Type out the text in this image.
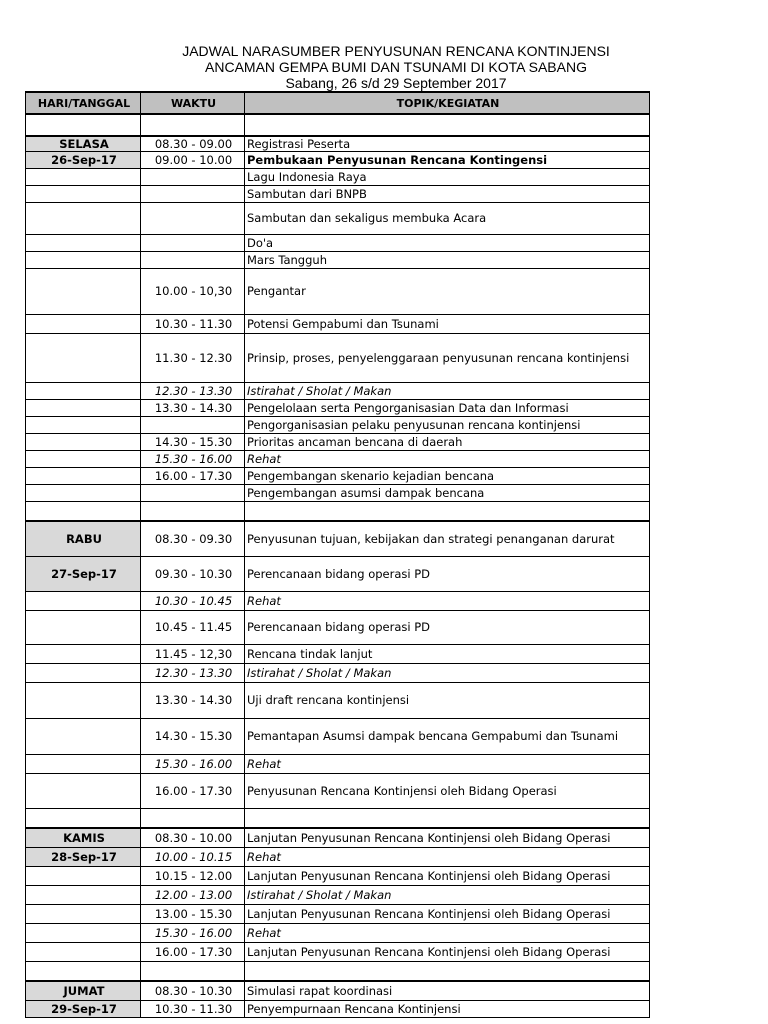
JADWAL NARASUMBER PENYUSUNAN RENCANA KONTINJENSI
ANCAMAN GEMPA BUMI DAN TSUNAMI DI KOTA SABANG
Sabang, 26 s/d 29 September 2017
HARI/TANGGAL	WAKTU	TOPIK/KEGIATAN

SELASA	08.30 - 09.00	Registrasi Peserta
26-Sep-17	09.00 - 10.00	Pembukaan Penyusunan Rencana Kontingensi
		Lagu Indonesia Raya
		Sambutan dari BNPB
		Sambutan dan sekaligus membuka Acara
		Do'a
		Mars Tangguh
	10.00 - 10,30	Pengantar
	10.30 - 11.30	Potensi Gempabumi dan Tsunami
	11.30 - 12.30	Prinsip, proses, penyelenggaraan penyusunan rencana kontinjensi
	12.30 - 13.30	Istirahat / Sholat / Makan
	13.30 - 14.30	Pengelolaan serta Pengorganisasian Data dan Informasi
		Pengorganisasian pelaku penyusunan rencana kontinjensi
	14.30 - 15.30	Prioritas ancaman bencana di daerah
	15.30 - 16.00	Rehat
	16.00 - 17.30	Pengembangan skenario kejadian bencana
		Pengembangan asumsi dampak bencana

RABU	08.30 - 09.30	Penyusunan tujuan, kebijakan dan strategi penanganan darurat
27-Sep-17	09.30 - 10.30	Perencanaan bidang operasi PD
	10.30 - 10.45	Rehat
	10.45 - 11.45	Perencanaan bidang operasi PD
	11.45 - 12,30	Rencana tindak lanjut
	12.30 - 13.30	Istirahat / Sholat / Makan
	13.30 - 14.30	Uji draft rencana kontinjensi
	14.30 - 15.30	Pemantapan Asumsi dampak bencana Gempabumi dan Tsunami
	15.30 - 16.00	Rehat
	16.00 - 17.30	Penyusunan Rencana Kontinjensi oleh Bidang Operasi

KAMIS	08.30 - 10.00	Lanjutan Penyusunan Rencana Kontinjensi oleh Bidang Operasi
28-Sep-17	10.00 - 10.15	Rehat
	10.15 - 12.00	Lanjutan Penyusunan Rencana Kontinjensi oleh Bidang Operasi
	12.00 - 13.00	Istirahat / Sholat / Makan
	13.00 - 15.30	Lanjutan Penyusunan Rencana Kontinjensi oleh Bidang Operasi
	15.30 - 16.00	Rehat
	16.00 - 17.30	Lanjutan Penyusunan Rencana Kontinjensi oleh Bidang Operasi

JUMAT	08.30 - 10.30	Simulasi rapat koordinasi
29-Sep-17	10.30 - 11.30	Penyempurnaan Rencana Kontinjensi
